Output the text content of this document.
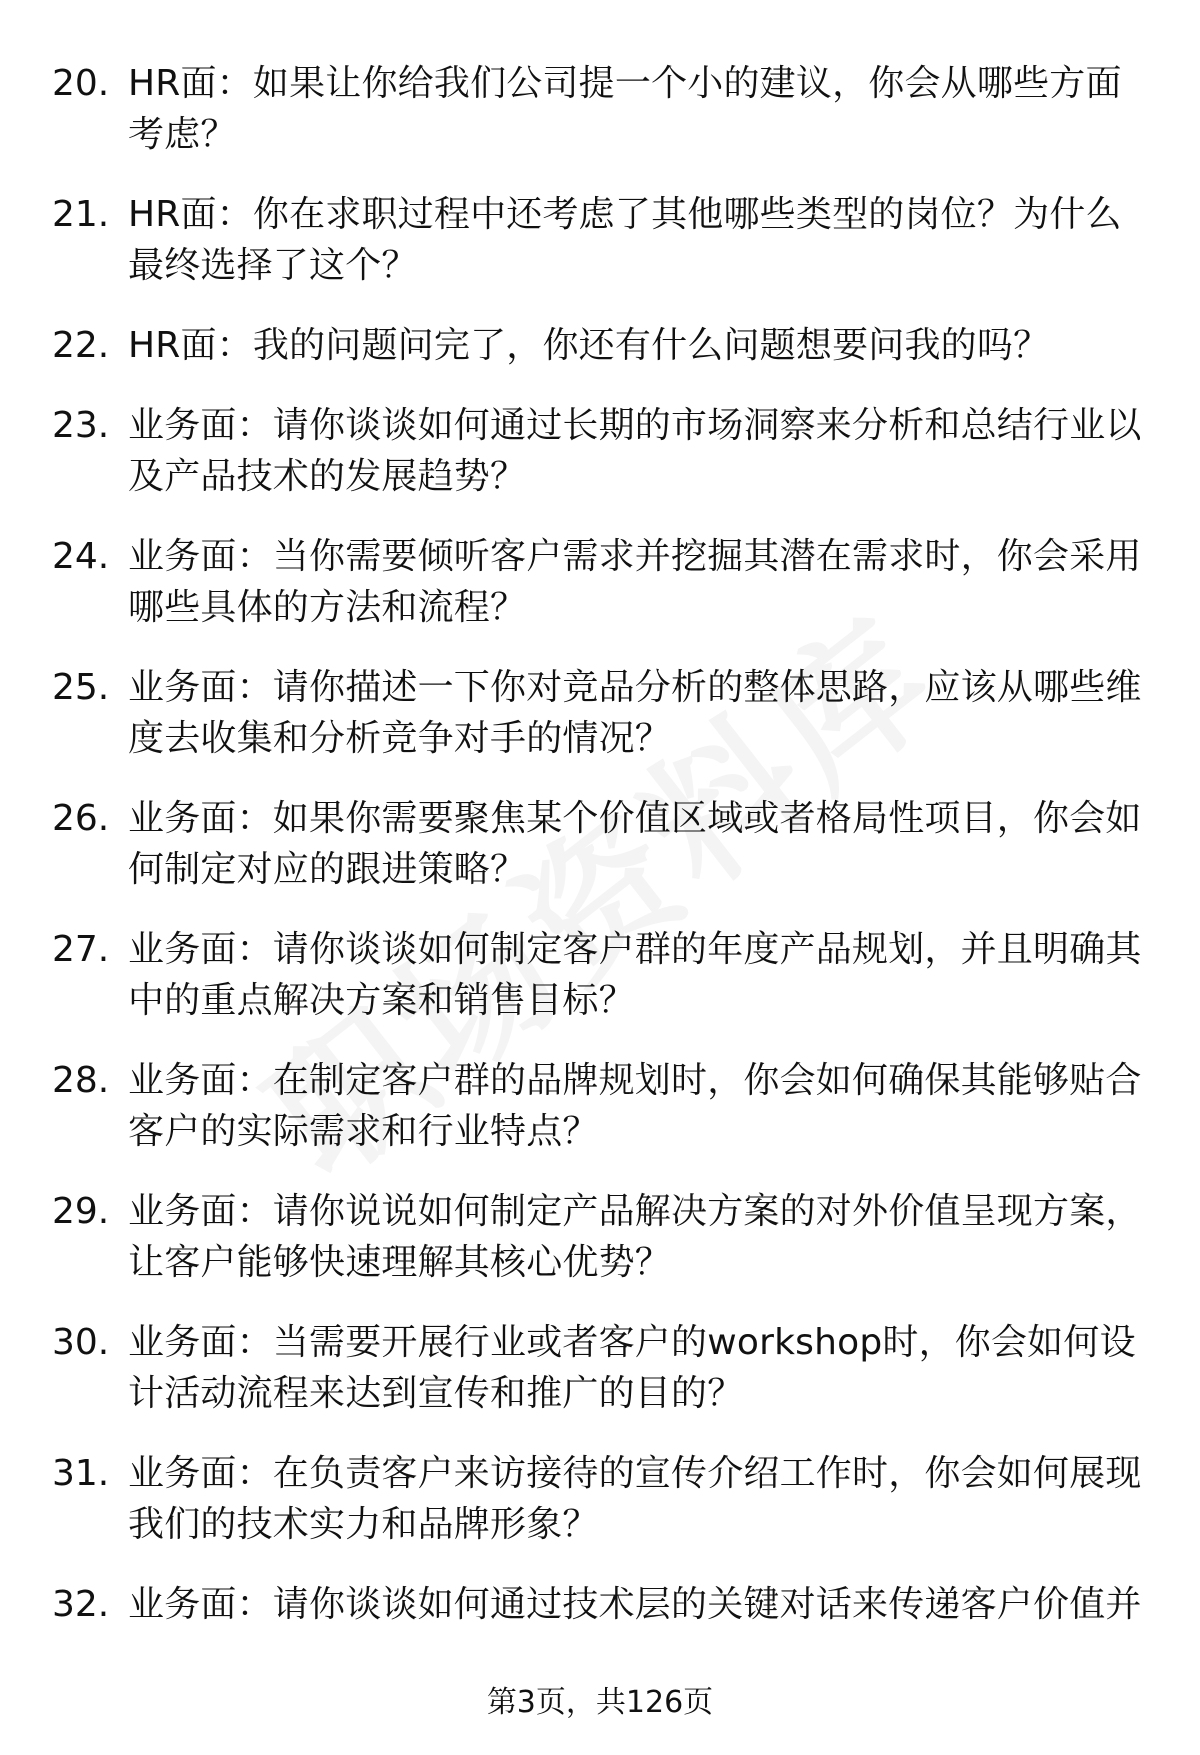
20. HR面：如果让你给我们公司提一个小的建议，你会从哪些方面考虑？
21. HR面：你在求职过程中还考虑了其他哪些类型的岗位？为什么最终选择了这个？
22. HR面：我的问题问完了，你还有什么问题想要问我的吗？
23. 业务面：请你谈谈如何通过长期的市场洞察来分析和总结行业以及产品技术的发展趋势？
24. 业务面：当你需要倾听客户需求并挖掘其潜在需求时，你会采用哪些具体的方法和流程？
25. 业务面：请你描述一下你对竞品分析的整体思路，应该从哪些维度去收集和分析竞争对手的情况？
26. 业务面：如果你需要聚焦某个价值区域或者格局性项目，你会如何制定对应的跟进策略？
27. 业务面：请你谈谈如何制定客户群的年度产品规划，并且明确其中的重点解决方案和销售目标？
28. 业务面：在制定客户群的品牌规划时，你会如何确保其能够贴合客户的实际需求和行业特点？
29. 业务面：请你说说如何制定产品解决方案的对外价值呈现方案，让客户能够快速理解其核心优势？
30. 业务面：当需要开展行业或者客户的workshop时，你会如何设计活动流程来达到宣传和推广的目的？
31. 业务面：在负责客户来访接待的宣传介绍工作时，你会如何展现我们的技术实力和品牌形象？
32. 业务面：请你谈谈如何通过技术层的关键对话来传递客户价值并
第3页，共126页
